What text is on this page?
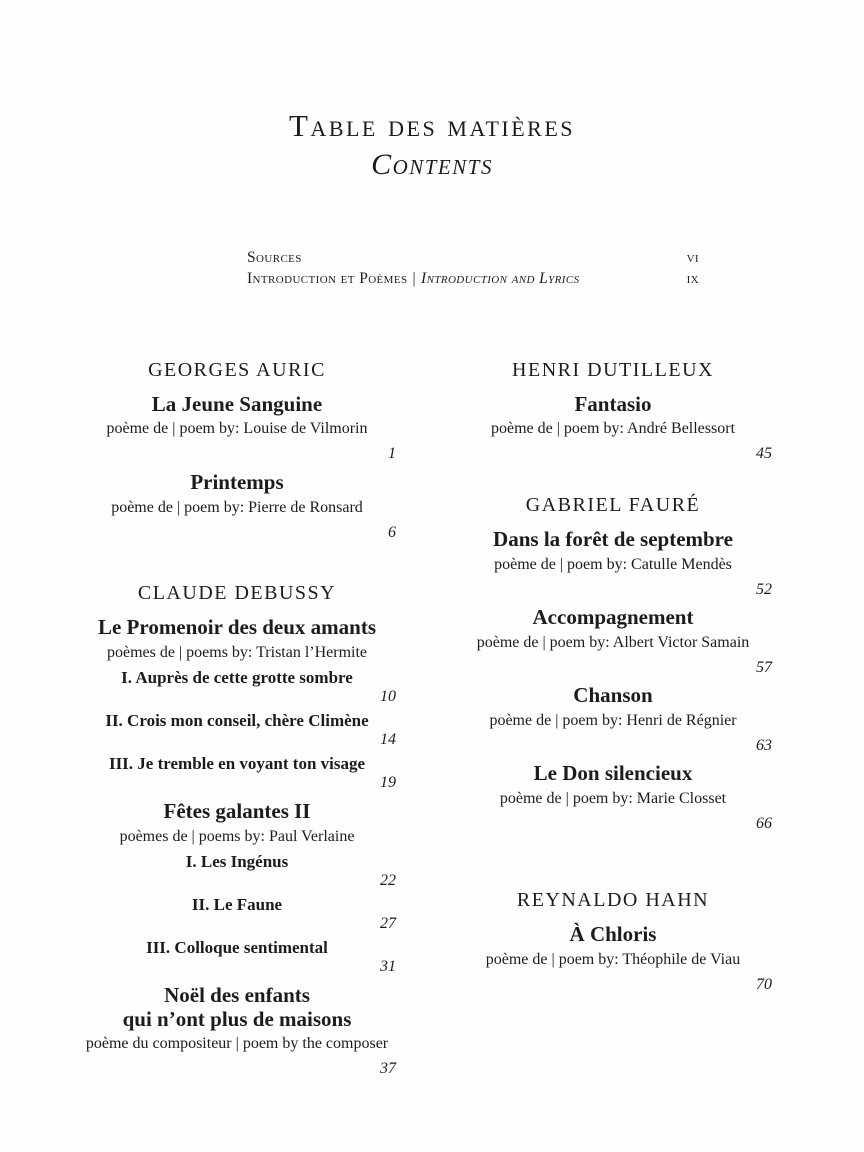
Table des matières
Contents
Sources	vi
Introduction et Poèmes | Introduction and Lyrics	ix
GEORGES AURIC
La Jeune Sanguine
poème de | poem by: Louise de Vilmorin
1
Printemps
poème de | poem by: Pierre de Ronsard
6
CLAUDE DEBUSSY
Le Promenoir des deux amants
poèmes de | poems by: Tristan l’Hermite
I. Auprès de cette grotte sombre
10
II. Crois mon conseil, chère Climène
14
III. Je tremble en voyant ton visage
19
Fêtes galantes II
poèmes de | poems by: Paul Verlaine
I. Les Ingénus
22
II. Le Faune
27
III. Colloque sentimental
31
Noël des enfants
qui n’ont plus de maisons
poème du compositeur | poem by the composer
37
HENRI DUTILLEUX
Fantasio
poème de | poem by: André Bellessort
45
GABRIEL FAURÉ
Dans la forêt de septembre
poème de | poem by: Catulle Mendès
52
Accompagnement
poème de | poem by: Albert Victor Samain
57
Chanson
poème de | poem by: Henri de Régnier
63
Le Don silencieux
poème de | poem by: Marie Closset
66
REYNALDO HAHN
À Chloris
poème de | poem by: Théophile de Viau
70
